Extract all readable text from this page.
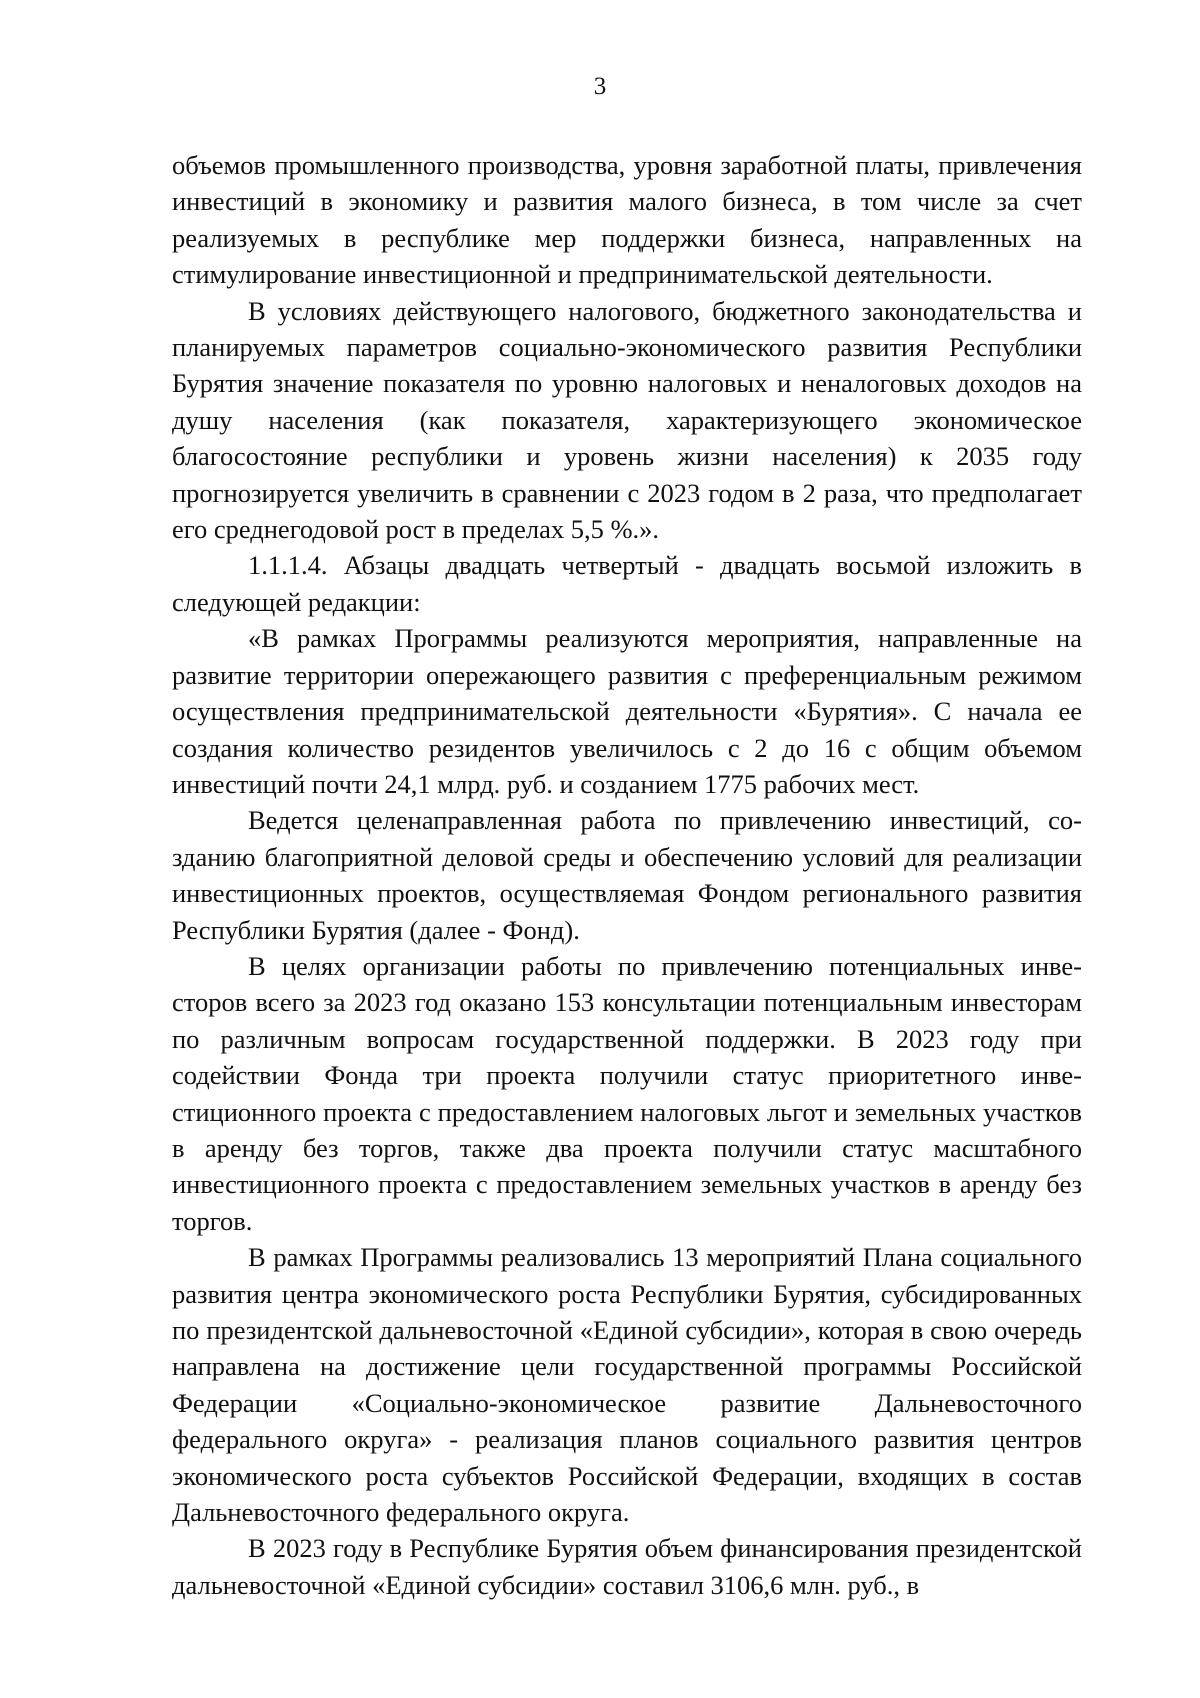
3

объемов промышленного производства, уровня заработной платы, привлечения инвестиций в экономику и развития малого бизнеса, в том числе за счет реализуемых в республике мер поддержки бизнеса, направленных на стимулирование инвестиционной и предпринимательской деятельности.

В условиях действующего налогового, бюджетного законодательства и планируемых параметров социально-экономического развития Республики Бурятия значение показателя по уровню налоговых и неналоговых доходов на душу населения (как показателя, характеризующего экономическое благосостояние республики и уровень жизни населения) к 2035 году прогнозируется увеличить в сравнении с 2023 годом в 2 раза, что предполагает его среднегодовой рост в пределах 5,5 %.».

1.1.1.4. Абзацы двадцать четвертый - двадцать восьмой изложить в следующей редакции:

«В рамках Программы реализуются мероприятия, направленные на развитие территории опережающего развития с преференциальным режимом осуществления предпринимательской деятельности «Бурятия». С начала ее создания количество резидентов увеличилось с 2 до 16 с общим объемом инвестиций почти 24,1 млрд. руб. и созданием 1775 рабочих мест.

Ведется целенаправленная работа по привлечению инвестиций, созданию благоприятной деловой среды и обеспечению условий для реализации инвестиционных проектов, осуществляемая Фондом регионального развития Республики Бурятия (далее - Фонд).

В целях организации работы по привлечению потенциальных инвесторов всего за 2023 год оказано 153 консультации потенциальным инвесторам по различным вопросам государственной поддержки. В 2023 году при содействии Фонда три проекта получили статус приоритетного инвестиционного проекта с предоставлением налоговых льгот и земельных участков в аренду без торгов, также два проекта получили статус масштабного инвестиционного проекта с предоставлением земельных участков в аренду без торгов.

В рамках Программы реализовались 13 мероприятий Плана социального развития центра экономического роста Республики Бурятия, субсидированных по президентской дальневосточной «Единой субсидии», которая в свою очередь направлена на достижение цели государственной программы Российской Федерации «Социально-экономическое развитие Дальневосточного федерального округа» - реализация планов социального развития центров экономического роста субъектов Российской Федерации, входящих в состав Дальневосточного федерального округа.

В 2023 году в Республике Бурятия объем финансирования президентской дальневосточной «Единой субсидии» составил 3106,6 млн. руб., в
